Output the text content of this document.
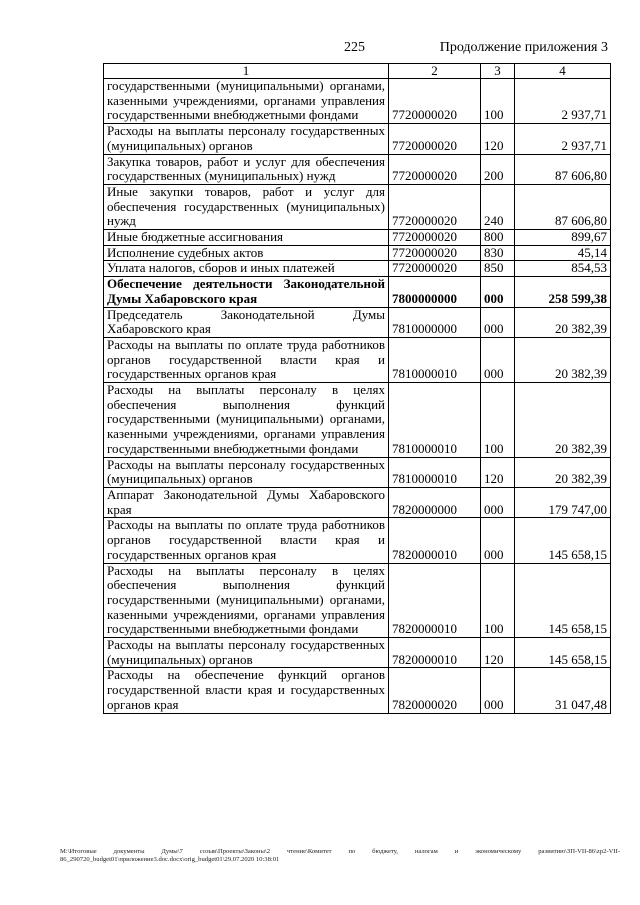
225	Продолжение приложения 3
1	2	3	4
государственными (муниципальными) органами, казенными учреждениями, органами управления государственными внебюджетными фондами	7720000020	100	2 937,71
Расходы на выплаты персоналу государственных (муниципальных) органов	7720000020	120	2 937,71
Закупка товаров, работ и услуг для обеспечения государственных (муниципальных) нужд	7720000020	200	87 606,80
Иные закупки товаров, работ и услуг для обеспечения государственных (муниципальных) нужд	7720000020	240	87 606,80
Иные бюджетные ассигнования	7720000020	800	899,67
Исполнение судебных актов	7720000020	830	45,14
Уплата налогов, сборов и иных платежей	7720000020	850	854,53
Обеспечение деятельности Законодательной Думы Хабаровского края	7800000000	000	258 599,38
Председатель Законодательной Думы Хабаровского края	7810000000	000	20 382,39
Расходы на выплаты по оплате труда работников органов государственной власти края и государственных органов края	7810000010	000	20 382,39
Расходы на выплаты персоналу в целях обеспечения выполнения функций государственными (муниципальными) органами, казенными учреждениями, органами управления государственными внебюджетными фондами	7810000010	100	20 382,39
Расходы на выплаты персоналу государственных (муниципальных) органов	7810000010	120	20 382,39
Аппарат Законодательной Думы Хабаровского края	7820000000	000	179 747,00
Расходы на выплаты по оплате труда работников органов государственной власти края и государственных органов края	7820000010	000	145 658,15
Расходы на выплаты персоналу в целях обеспечения выполнения функций государственными (муниципальными) органами, казенными учреждениями, органами управления государственными внебюджетными фондами	7820000010	100	145 658,15
Расходы на выплаты персоналу государственных (муниципальных) органов	7820000010	120	145 658,15
Расходы на обеспечение функций органов государственной власти края и государственных органов края	7820000020	000	31 047,48
M:\Итоговые документы Думы\7 созыв\Проекты\Законы\2 чтение\Комитет по бюджету, налогам и экономическому развитию\ЗП-VII-86\zp2-VII-86_290720_budget01\приложение3.doc.docx\orig_budget01\29.07.2020 10:38:01
